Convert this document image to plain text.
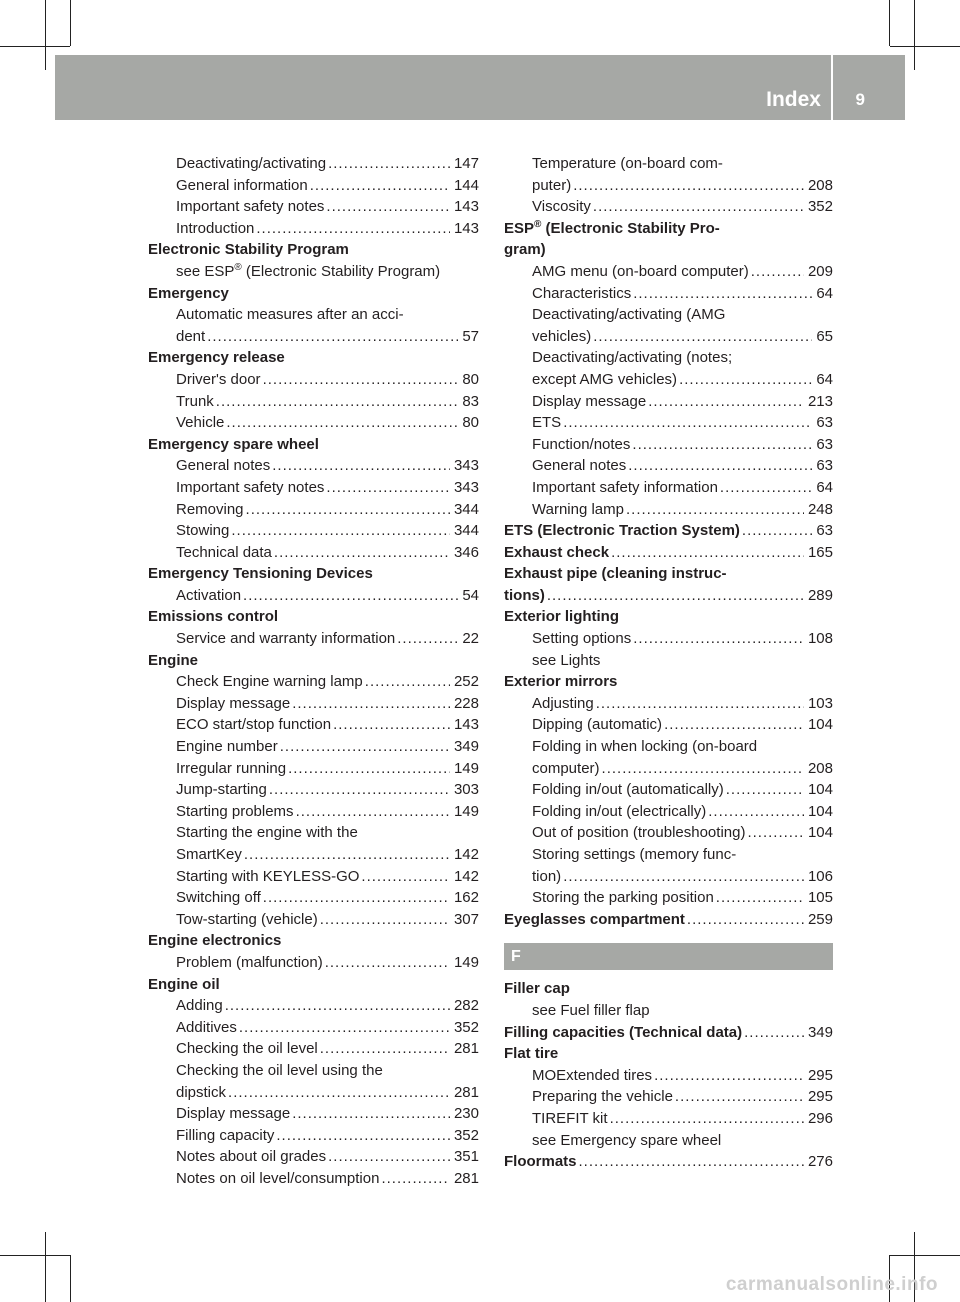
Index 9
Deactivating/activating .....	147
General information .....	144
Important safety notes .....	143
Introduction .....	143
Electronic Stability Program
see ESP® (Electronic Stability Program)
Emergency
Automatic measures after an acci-
dent .....	57
Emergency release
Driver's door .....	80
Trunk .....	83
Vehicle .....	80
Emergency spare wheel
General notes .....	343
Important safety notes .....	343
Removing .....	344
Stowing .....	344
Technical data .....	346
Emergency Tensioning Devices
Activation .....	54
Emissions control
Service and warranty information .....	22
Engine
Check Engine warning lamp .....	252
Display message .....	228
ECO start/stop function .....	143
Engine number .....	349
Irregular running .....	149
Jump-starting .....	303
Starting problems .....	149
Starting the engine with the
SmartKey .....	142
Starting with KEYLESS-GO .....	142
Switching off .....	162
Tow-starting (vehicle) .....	307
Engine electronics
Problem (malfunction) .....	149
Engine oil
Adding .....	282
Additives .....	352
Checking the oil level .....	281
Checking the oil level using the
dipstick .....	281
Display message .....	230
Filling capacity .....	352
Notes about oil grades .....	351
Notes on oil level/consumption .....	281
Temperature (on-board com-
puter) .....	208
Viscosity .....	352
ESP® (Electronic Stability Pro-
gram)
AMG menu (on-board computer) .....	209
Characteristics .....	64
Deactivating/activating (AMG
vehicles) .....	65
Deactivating/activating (notes;
except AMG vehicles) .....	64
Display message .....	213
ETS .....	63
Function/notes .....	63
General notes .....	63
Important safety information .....	64
Warning lamp .....	248
ETS (Electronic Traction System) .....	63
Exhaust check .....	165
Exhaust pipe (cleaning instruc-
tions) .....	289
Exterior lighting
Setting options .....	108
see Lights
Exterior mirrors
Adjusting .....	103
Dipping (automatic) .....	104
Folding in when locking (on-board
computer) .....	208
Folding in/out (automatically) .....	104
Folding in/out (electrically) .....	104
Out of position (troubleshooting) .....	104
Storing settings (memory func-
tion) .....	106
Storing the parking position .....	105
Eyeglasses compartment .....	259
F
Filler cap
see Fuel filler flap
Filling capacities (Technical data) .....	349
Flat tire
MOExtended tires .....	295
Preparing the vehicle .....	295
TIREFIT kit .....	296
see Emergency spare wheel
Floormats .....	276
carmanualsonline.info
